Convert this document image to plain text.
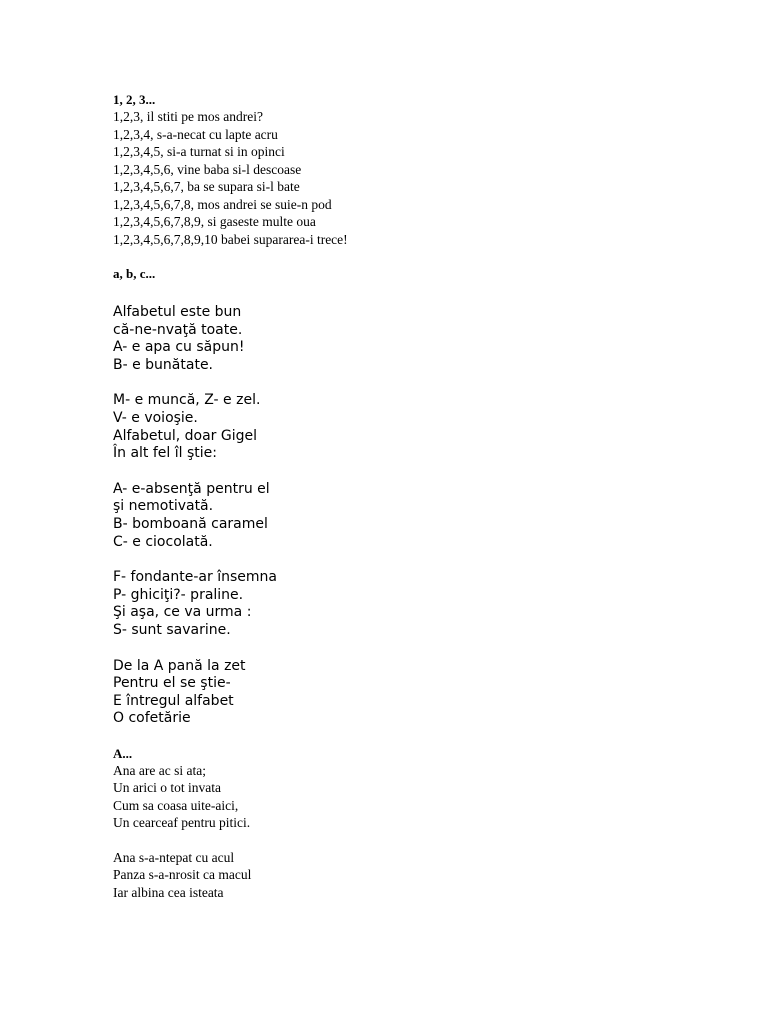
1, 2, 3...

1,2,3, il stiti pe mos andrei?

1,2,3,4, s-a-necat cu lapte acru

1,2,3,4,5, si-a turnat si in opinci

1,2,3,4,5,6, vine baba si-l descoase

1,2,3,4,5,6,7, ba se supara si-l bate

1,2,3,4,5,6,7,8, mos andrei se suie-n pod

1,2,3,4,5,6,7,8,9, si gaseste multe oua

1,2,3,4,5,6,7,8,9,10 babei supararea-i trece!

a, b, c...

Alfabetul este bun

că-ne-nvaţă toate.

A- e apa cu săpun!

B- e bunătate.

M- e muncă, Z- e zel.

V- e voioşie.

Alfabetul, doar Gigel

În alt fel îl ştie:

A- e-absenţă pentru el

şi nemotivată.

B- bomboană caramel

C- e ciocolată.

F- fondante-ar însemna

P- ghiciţi?- praline.

Şi aşa, ce va urma :

S- sunt savarine.

De la A pană la zet

Pentru el se ştie-

E întregul alfabet

O cofetărie

A...

Ana are ac si ata;

Un arici o tot invata

Cum sa coasa uite-aici,

Un cearceaf pentru pitici.

Ana s-a-ntepat cu acul

Panza s-a-nrosit ca macul

Iar albina cea isteata
